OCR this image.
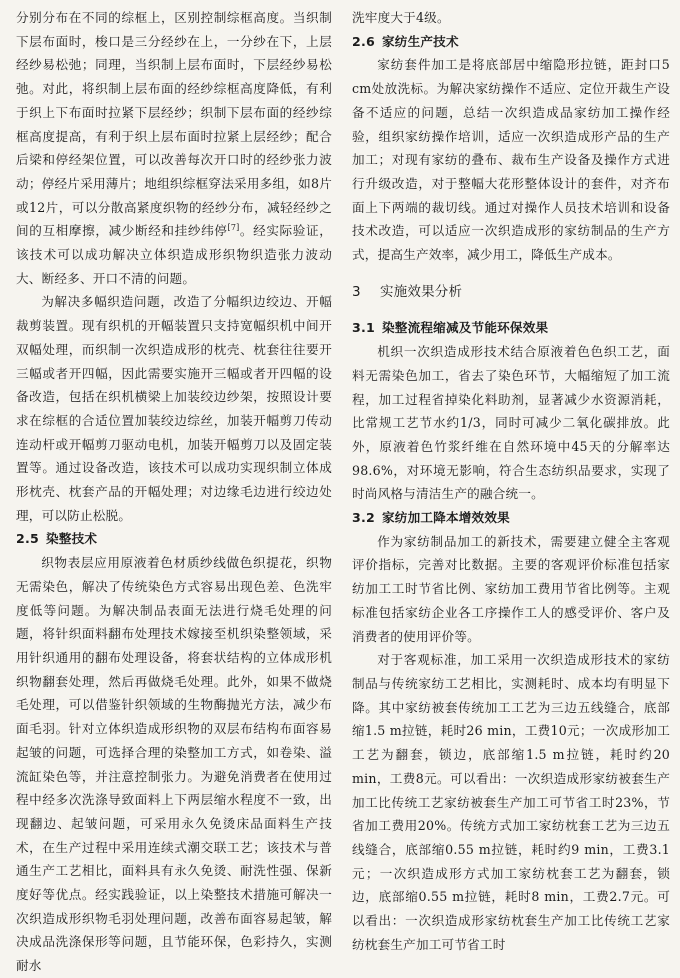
分别分布在不同的综框上，区别控制综框高度。当织制下层布面时，梭口是三分经纱在上，一分纱在下，上层经纱易松弛；同理，当织制上层布面时，下层经纱易松弛。对此，将织制上层布面的经纱综框高度降低，有利于织上下布面时拉紧下层经纱；织制下层布面的经纱综框高度提高，有利于织上层布面时拉紧上层经纱；配合后梁和停经架位置，可以改善每次开口时的经纱张力波动；停经片采用薄片；地组织综框穿法采用多组，如8片或12片，可以分散高紧度织物的经纱分布，减轻经纱之间的互相摩擦，减少断经和挂纱纬停[7]。经实际验证，该技术可以成功解决立体织造成形织物织造张力波动大、断经多、开口不清的问题。

为解决多幅织造问题，改造了分幅织边绞边、开幅裁剪装置。现有织机的开幅装置只支持宽幅织机中间开双幅处理，而织制一次织造成形的枕壳、枕套往往要开三幅或者开四幅，因此需要实施开三幅或者开四幅的设备改造，包括在织机横梁上加装绞边纱架，按照设计要求在综框的合适位置加装绞边综丝，加装开幅剪刀传动连动杆或开幅剪刀驱动电机，加装开幅剪刀以及固定装置等。通过设备改造，该技术可以成功实现织制立体成形枕壳、枕套产品的开幅处理；对边缘毛边进行绞边处理，可以防止松脱。

2.5 染整技术

织物表层应用原液着色材质纱线做色织提花，织物无需染色，解决了传统染色方式容易出现色差、色洗牢度低等问题。为解决制品表面无法进行烧毛处理的问题，将针织面料翻布处理技术嫁接至机织染整领域，采用针织通用的翻布处理设备，将套状结构的立体成形机织物翻套处理，然后再做烧毛处理。此外，如果不做烧毛处理，可以借鉴针织领域的生物酶抛光方法，减少布面毛羽。针对立体织造成形织物的双层布结构布面容易起皱的问题，可选择合理的染整加工方式，如卷染、溢流缸染色等，并注意控制张力。为避免消费者在使用过程中经多次洗涤导致面料上下两层缩水程度不一致，出现翻边、起皱问题，可采用永久免烫床品面料生产技术，在生产过程中采用连续式潮交联工艺；该技术与普通生产工艺相比，面料具有永久免烫、耐洗性强、保新度好等优点。经实践验证，以上染整技术措施可解决一次织造成形织物毛羽处理问题，改善布面容易起皱，解决成品洗涤保形等问题，且节能环保，色彩持久，实测耐水

洗牢度大于4级。

2.6 家纺生产技术

家纺套件加工是将底部居中缩隐形拉链，距封口5 cm处放洗标。为解决家纺操作不适应、定位开裁生产设备不适应的问题，总结一次织造成品家纺加工操作经验，组织家纺操作培训，适应一次织造成形产品的生产加工；对现有家纺的叠布、裁布生产设备及操作方式进行升级改造，对于整幅大花形整体设计的套件，对齐布面上下两端的裁切线。通过对操作人员技术培训和设备技术改造，可以适应一次织造成形的家纺制品的生产方式，提高生产效率，减少用工，降低生产成本。

3 实施效果分析
3.1 染整流程缩减及节能环保效果

机织一次织造成形技术结合原液着色色织工艺，面料无需染色加工，省去了染色环节，大幅缩短了加工流程，加工过程省掉染化料助剂，显著减少水资源消耗，比常规工艺节水约1/3，同时可减少二氧化碳排放。此外，原液着色竹浆纤维在自然环境中45天的分解率达98.6%，对环境无影响，符合生态纺织品要求，实现了时尚风格与清洁生产的融合统一。

3.2 家纺加工降本增效效果

作为家纺制品加工的新技术，需要建立健全主客观评价指标，完善对比数据。主要的客观评价标准包括家纺加工工时节省比例、家纺加工费用节省比例等。主观标准包括家纺企业各工序操作工人的感受评价、客户及消费者的使用评价等。

对于客观标准，加工采用一次织造成形技术的家纺制品与传统家纺工艺相比，实测耗时、成本均有明显下降。其中家纺被套传统加工工艺为三边五线缝合，底部缩1.5 m拉链，耗时26 min，工费10元；一次成形加工工艺为翻套，锁边，底部缩1.5 m拉链，耗时约20 min，工费8元。可以看出：一次织造成形家纺被套生产加工比传统工艺家纺被套生产加工可节省工时23%，节省加工费用20%。传统方式加工家纺枕套工艺为三边五线缝合，底部缩0.55 m拉链，耗时约9 min，工费3.1元；一次织造成形方式加工家纺枕套工艺为翻套，锁边，底部缩0.55 m拉链，耗时8 min，工费2.7元。可以看出：一次织造成形家纺枕套生产加工比传统工艺家纺枕套生产加工可节省工时
